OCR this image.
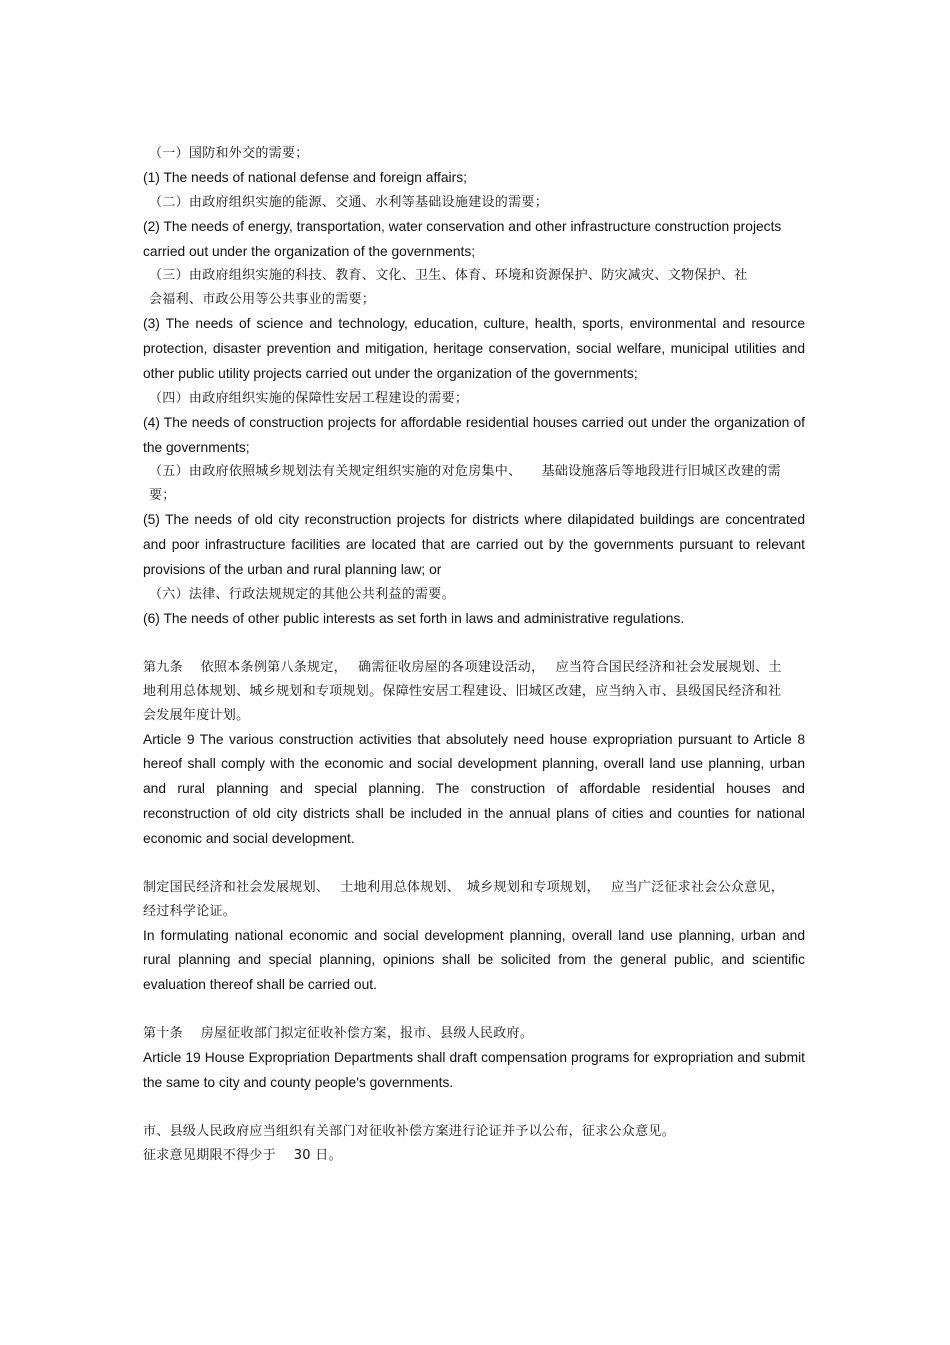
（一）国防和外交的需要；

(1) The needs of national defense and foreign affairs;

（二）由政府组织实施的能源、交通、水利等基础设施建设的需要；

(2) The needs of energy, transportation, water conservation and other infrastructure construction projects carried out under the organization of the governments;

（三）由政府组织实施的科技、教育、文化、卫生、体育、环境和资源保护、防灾减灾、文物保护、社会福利、市政公用等公共事业的需要；

(3) The needs of science and technology, education, culture, health, sports, environmental and resource protection, disaster prevention and mitigation, heritage conservation, social welfare, municipal utilities and other public utility projects carried out under the organization of the governments;

（四）由政府组织实施的保障性安居工程建设的需要；

(4) The needs of construction projects for affordable residential houses carried out under the organization of the governments;

（五）由政府依照城乡规划法有关规定组织实施的对危房集中、　　基础设施落后等地段进行旧城区改建的需要；

(5) The needs of old city reconstruction projects for districts where dilapidated buildings are concentrated and poor infrastructure facilities are located that are carried out by the governments pursuant to relevant provisions of the urban and rural planning law; or

（六）法律、行政法规规定的其他公共利益的需要。

(6) The needs of other public interests as set forth in laws and administrative regulations.

第九条　 依照本条例第八条规定，　 确需征收房屋的各项建设活动，　 应当符合国民经济和社会发展规划、土地利用总体规划、城乡规划和专项规划。保障性安居工程建设、旧城区改建，应当纳入市、县级国民经济和社会发展年度计划。

Article 9 The various construction activities that absolutely need house expropriation pursuant to Article 8 hereof shall comply with the economic and social development planning, overall land use planning, urban and rural planning and special planning. The construction of affordable residential houses and reconstruction of old city districts shall be included in the annual plans of cities and counties for national economic and social development.

制定国民经济和社会发展规划、　 土地利用总体规划、　城乡规划和专项规划，　 应当广泛征求社会公众意见，经过科学论证。

In formulating national economic and social development planning, overall land use planning, urban and rural planning and special planning, opinions shall be solicited from the general public, and scientific evaluation thereof shall be carried out.

第十条　 房屋征收部门拟定征收补偿方案，报市、县级人民政府。

Article 19 House Expropriation Departments shall draft compensation programs for expropriation and submit the same to city and county people's governments.

市、县级人民政府应当组织有关部门对征收补偿方案进行论证并予以公布，征求公众意见。

征求意见期限不得少于　 30 日。
